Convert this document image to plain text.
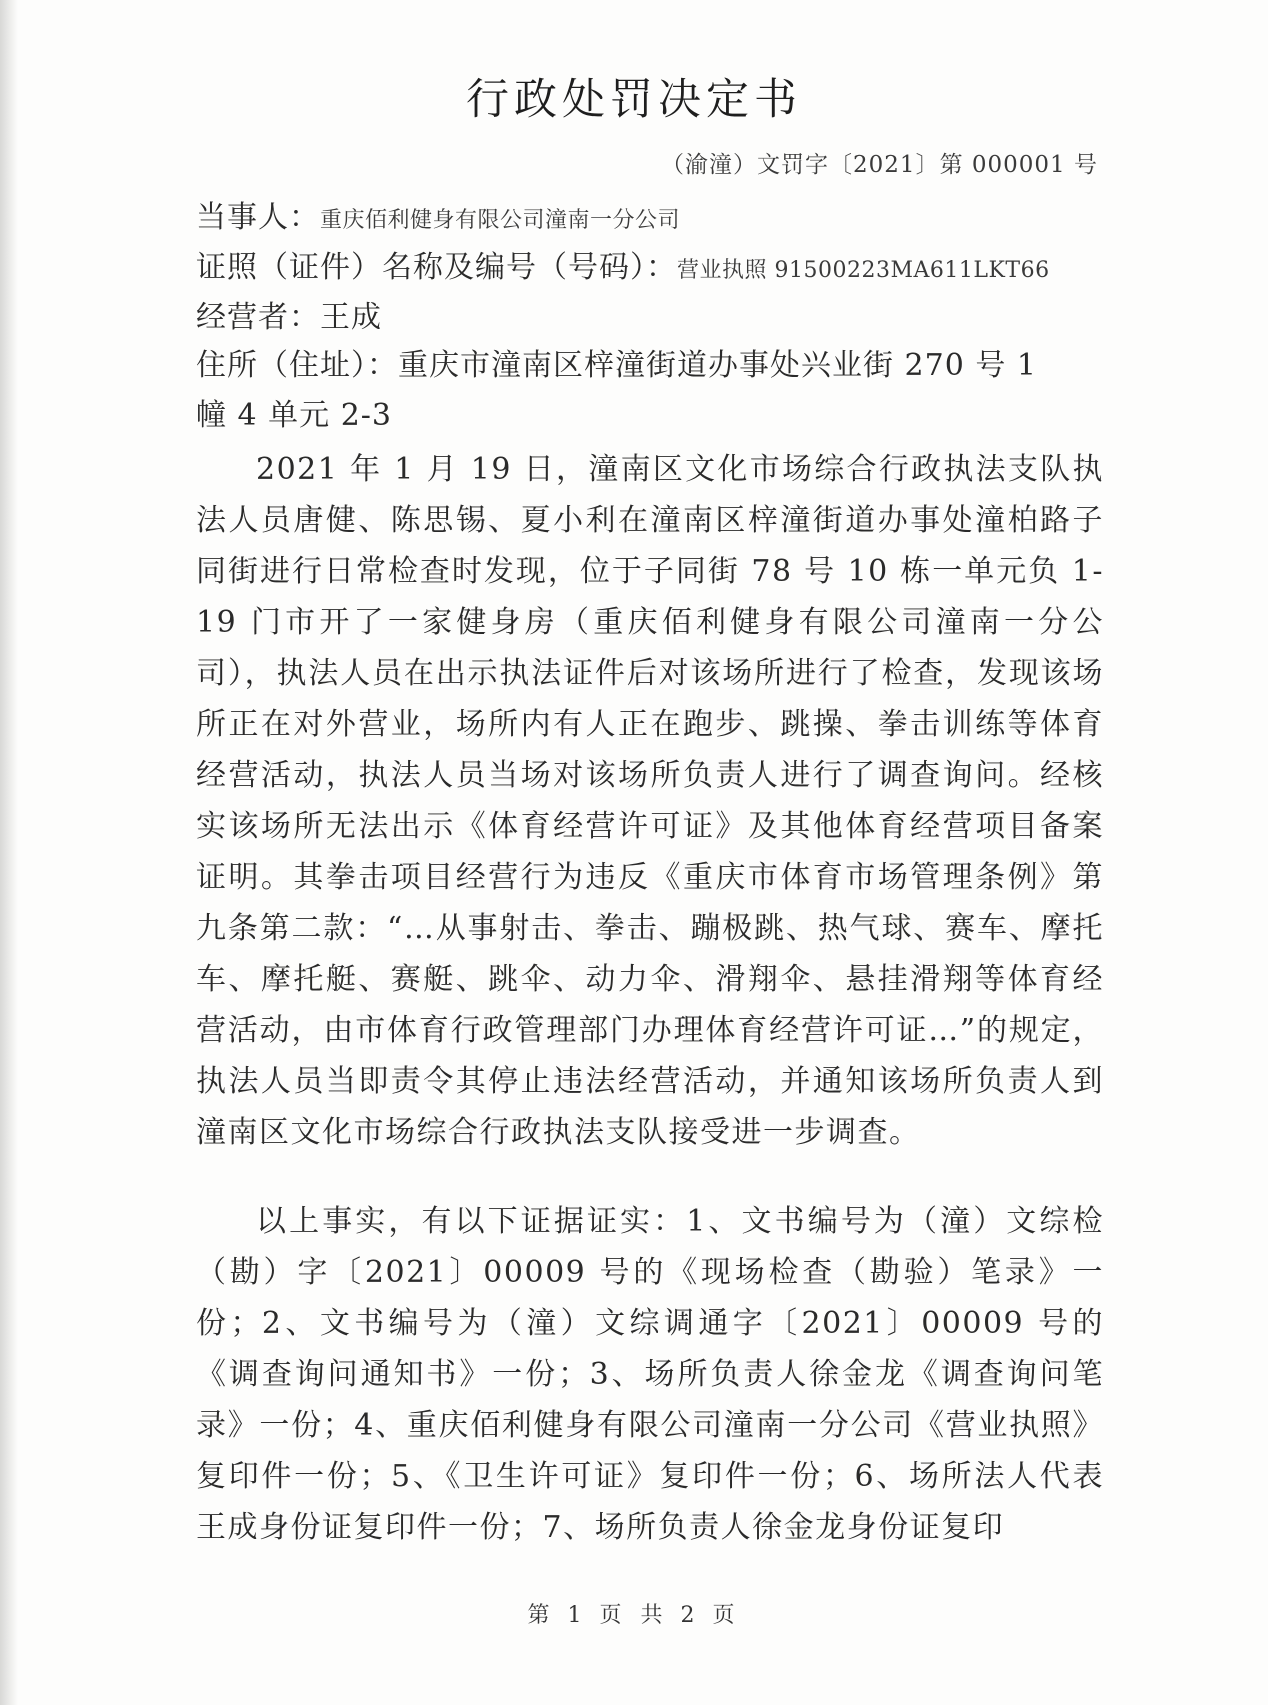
行政处罚决定书
（渝潼）文罚字〔2021〕第 000001 号
当事人：重庆佰利健身有限公司潼南一分公司
证照（证件）名称及编号（号码）：营业执照 91500223MA611LKT66
经营者：王成
住所（住址）：重庆市潼南区梓潼街道办事处兴业街 270 号 1
幢 4 单元 2-3
2021 年 1 月 19 日，潼南区文化市场综合行政执法支队执法人员唐健、陈思锡、夏小利在潼南区梓潼街道办事处潼柏路子同街进行日常检查时发现，位于子同街 78 号 10 栋一单元负 1-19 门市开了一家健身房（重庆佰利健身有限公司潼南一分公司），执法人员在出示执法证件后对该场所进行了检查，发现该场所正在对外营业，场所内有人正在跑步、跳操、拳击训练等体育经营活动，执法人员当场对该场所负责人进行了调查询问。经核实该场所无法出示《体育经营许可证》及其他体育经营项目备案证明。其拳击项目经营行为违反《重庆市体育市场管理条例》第九条第二款：“…从事射击、拳击、蹦极跳、热气球、赛车、摩托车、摩托艇、赛艇、跳伞、动力伞、滑翔伞、悬挂滑翔等体育经营活动，由市体育行政管理部门办理体育经营许可证…”的规定，执法人员当即责令其停止违法经营活动，并通知该场所负责人到潼南区文化市场综合行政执法支队接受进一步调查。
以上事实，有以下证据证实：1、文书编号为（潼）文综检（勘）字〔2021〕00009 号的《现场检查（勘验）笔录》一份；2、文书编号为（潼）文综调通字〔2021〕00009 号的《调查询问通知书》一份；3、场所负责人徐金龙《调查询问笔录》一份；4、重庆佰利健身有限公司潼南一分公司《营业执照》复印件一份；5、《卫生许可证》复印件一份；6、场所法人代表王成身份证复印件一份；7、场所负责人徐金龙身份证复印
第 1 页 共 2 页
